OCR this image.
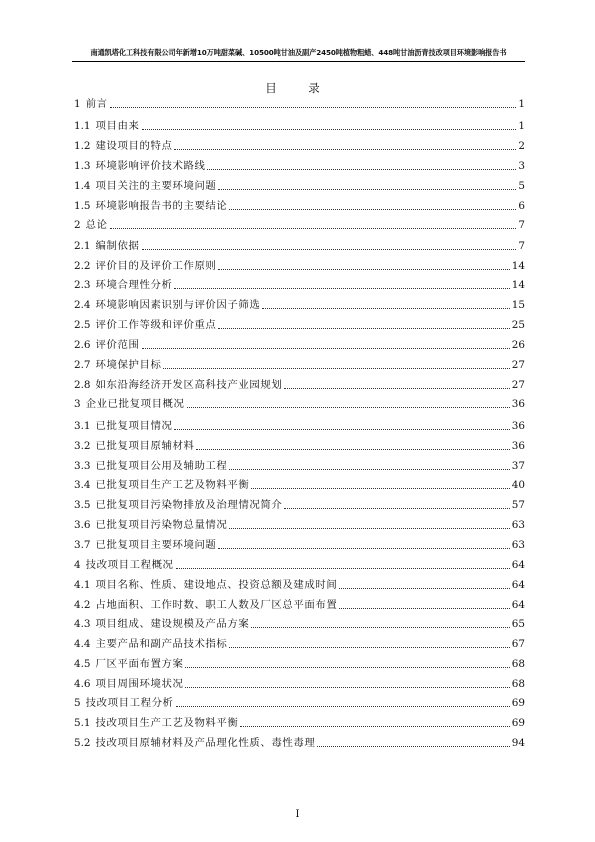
南通凯塔化工科技有限公司年新增10万吨甜菜碱、10500吨甘油及副产2450吨植物粗蜡、448吨甘油沥青技改项目环境影响报告书
目　录
1 前言	1
1.1 项目由来	1
1.2 建设项目的特点	2
1.3 环境影响评价技术路线	3
1.4 项目关注的主要环境问题	5
1.5 环境影响报告书的主要结论	6
2 总论	7
2.1 编制依据	7
2.2 评价目的及评价工作原则	14
2.3 环境合理性分析	14
2.4 环境影响因素识别与评价因子筛选	15
2.5 评价工作等级和评价重点	25
2.6 评价范围	26
2.7 环境保护目标	27
2.8 如东沿海经济开发区高科技产业园规划	27
3 企业已批复项目概况	36
3.1 已批复项目情况	36
3.2 已批复项目原辅材料	36
3.3 已批复项目公用及辅助工程	37
3.4 已批复项目生产工艺及物料平衡	40
3.5 已批复项目污染物排放及治理情况简介	57
3.6 已批复项目污染物总量情况	63
3.7 已批复项目主要环境问题	63
4 技改项目工程概况	64
4.1 项目名称、性质、建设地点、投资总额及建成时间	64
4.2 占地面积、工作时数、职工人数及厂区总平面布置	64
4.3 项目组成、建设规模及产品方案	65
4.4 主要产品和副产品技术指标	67
4.5 厂区平面布置方案	68
4.6 项目周围环境状况	68
5 技改项目工程分析	69
5.1 技改项目生产工艺及物料平衡	69
5.2 技改项目原辅材料及产品理化性质、毒性毒理	94
I
